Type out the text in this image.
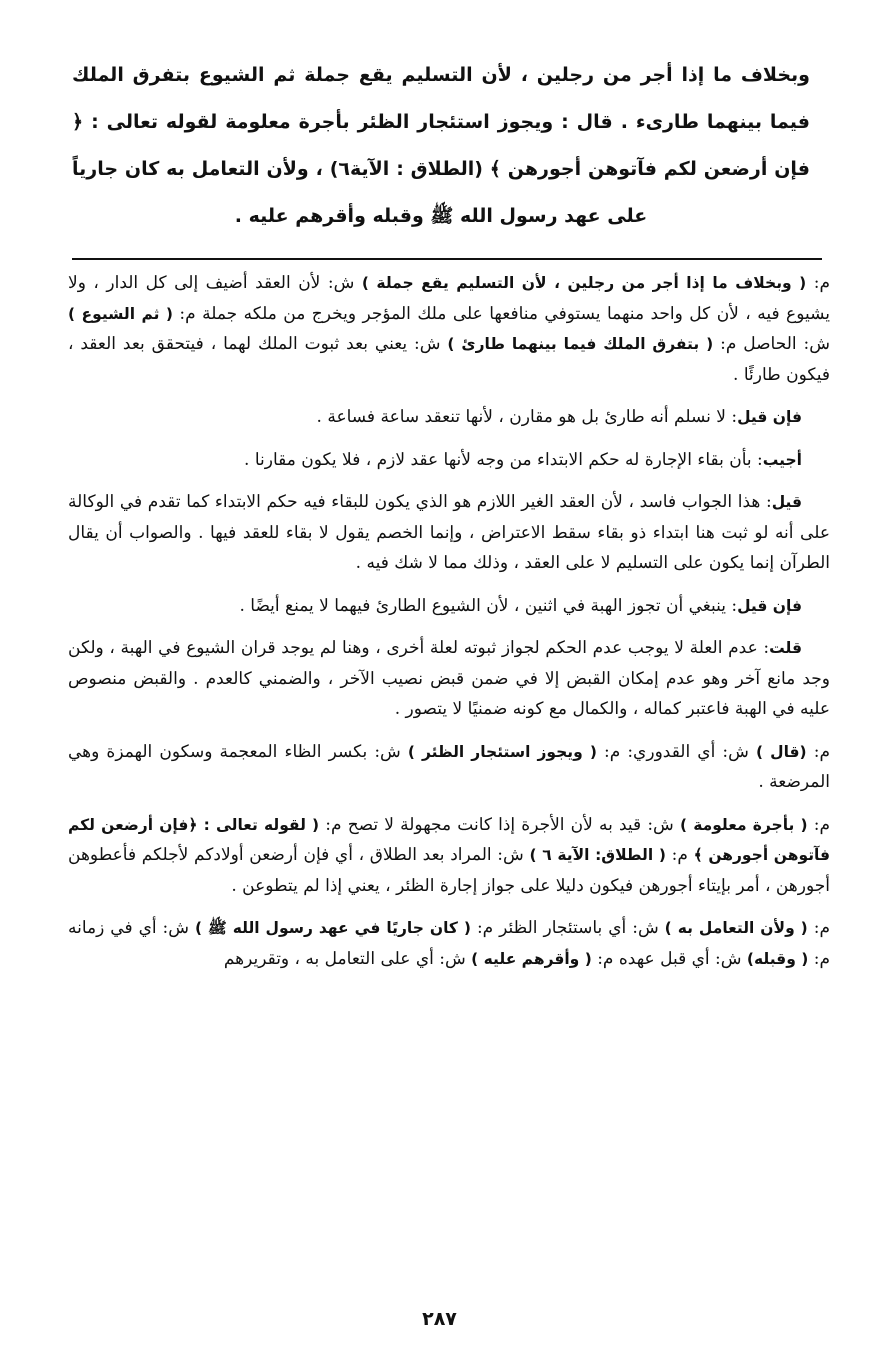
وبخلاف ما إذا أجر من رجلين ، لأن التسليم يقع جملة ثم الشيوع بتفرق الملك فيما بينهما طارىء . قال : ويجوز استئجار الظئر بأجرة معلومة لقوله تعالى : ﴿ فإن أرضعن لكم فآتوهن أجورهن ﴾ (الطلاق : الآية٦) ، ولأن التعامل به كان جارياً على عهد رسول الله ﷺ وقبله وأقرهم عليه .

م: ( وبخلاف ما إذا أجر من رجلين ، لأن التسليم يقع جملة ) ش: لأن العقد أضيف إلى كل الدار ، ولا يشيوع فيه ، لأن كل واحد منهما يستوفي منافعها على ملك المؤجر ويخرج من ملكه جملة م: ( ثم الشيوع ) ش: الحاصل م: ( بتفرق الملك فيما بينهما طارئ ) ش: يعني بعد ثبوت الملك لهما ، فيتحقق بعد العقد ، فيكون طارئًا .

فإن قيل: لا نسلم أنه طارئ بل هو مقارن ، لأنها تنعقد ساعة فساعة .

أجيب: بأن بقاء الإجارة له حكم الابتداء من وجه لأنها عقد لازم ، فلا يكون مقارنا .

قيل: هذا الجواب فاسد ، لأن العقد الغير اللازم هو الذي يكون للبقاء فيه حكم الابتداء كما تقدم في الوكالة على أنه لو ثبت هنا ابتداء ذو بقاء سقط الاعتراض ، وإنما الخصم يقول لا بقاء للعقد فيها . والصواب أن يقال الطرآن إنما يكون على التسليم لا على العقد ، وذلك مما لا شك فيه .

فإن قيل: ينبغي أن تجوز الهبة في اثنين ، لأن الشيوع الطارئ فيهما لا يمنع أيضًا .

قلت: عدم العلة لا يوجب عدم الحكم لجواز ثبوته لعلة أخرى ، وهنا لم يوجد قران الشيوع في الهبة ، ولكن وجد مانع آخر وهو عدم إمكان القبض إلا في ضمن قبض نصيب الآخر ، والضمني كالعدم . والقبض منصوص عليه في الهبة فاعتبر كماله ، والكمال مع كونه ضمنيًا لا يتصور .

م: (قال ) ش: أي القدوري: م: ( ويجوز استئجار الظئر ) ش: بكسر الظاء المعجمة وسكون الهمزة وهي المرضعة .

م: ( بأجرة معلومة ) ش: قيد به لأن الأجرة إذا كانت مجهولة لا تصح م: ( لقوله تعالى : ﴿فإن أرضعن لكم فآتوهن أجورهن ﴾ م: ( الطلاق: الآية ٦ ) ش: المراد بعد الطلاق ، أي فإن أرضعن أولادكم لأجلكم فأعطوهن أجورهن ، أمر بإيتاء أجورهن فيكون دليلا على جواز إجارة الظئر ، يعني إذا لم يتطوعن .

م: ( ولأن التعامل به ) ش: أي باستئجار الظئر م: ( كان جاريًا في عهد رسول الله ﷺ ) ش: أي في زمانه م: ( وقبله) ش: أي قبل عهده م: ( وأقرهم عليه ) ش: أي على التعامل به ، وتقريرهم

٢٨٧
